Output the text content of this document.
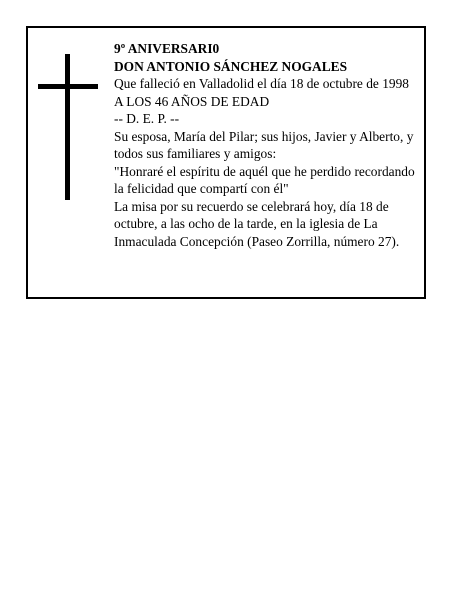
9º ANIVERSARI0
DON ANTONIO SÁNCHEZ NOGALES
Que falleció en Valladolid el día 18 de octubre de 1998
A LOS 46 AÑOS DE EDAD
-- D. E. P. --
Su esposa, María del Pilar; sus hijos, Javier y Alberto, y todos sus familiares y amigos:
"Honraré el espíritu de aquél que he perdido recordando la felicidad que compartí con él"
La misa por su recuerdo se celebrará hoy, día 18 de octubre, a las ocho de la tarde, en la iglesia de La Inmaculada Concepción (Paseo Zorrilla, número 27).
